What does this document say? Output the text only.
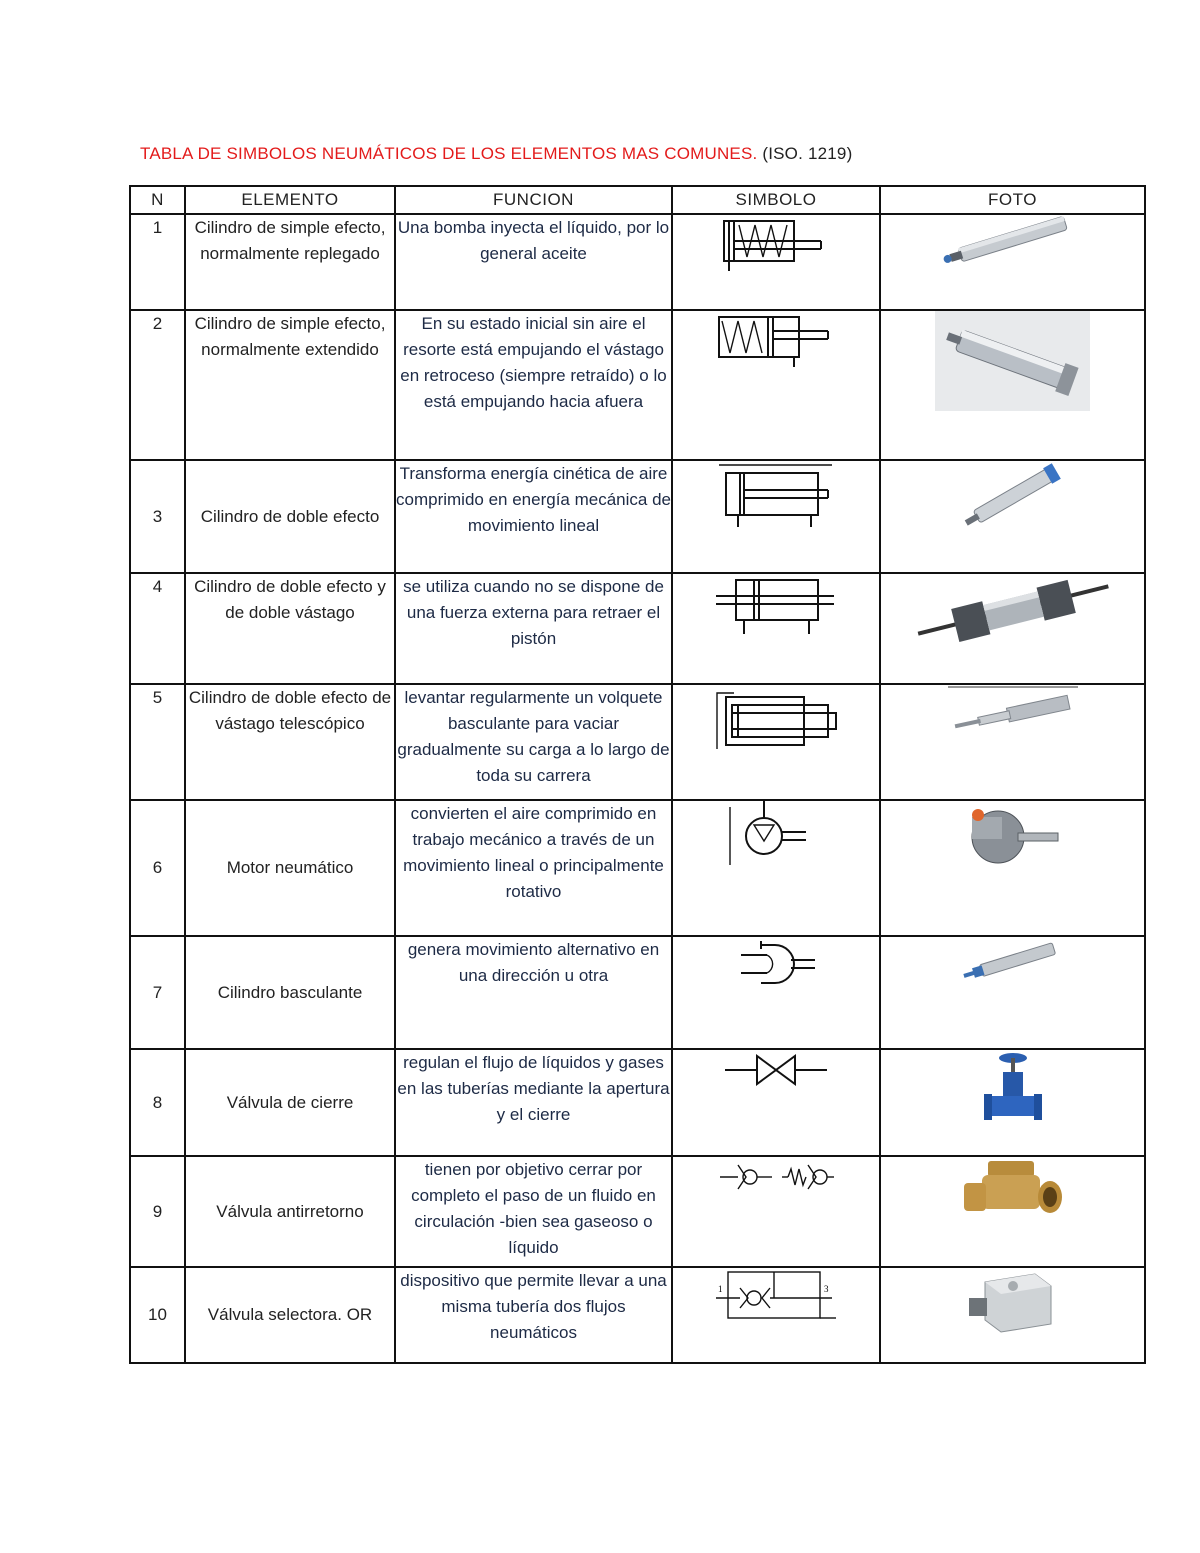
TABLA DE SIMBOLOS NEUMÁTICOS DE LOS ELEMENTOS MAS COMUNES. (ISO. 1219)
N	ELEMENTO	FUNCION	SIMBOLO	FOTO
1	Cilindro de simple efecto, normalmente replegado	Una bomba inyecta el líquido, por lo general aceite	

2	Cilindro de simple efecto, normalmente extendido	En su estado inicial sin aire el resorte está empujando el vástago en retroceso (siempre retraído) o lo está empujando hacia afuera	

3	Cilindro de doble efecto	Transforma energía cinética de aire comprimido en energía mecánica de movimiento lineal	

4	Cilindro de doble efecto y de doble vástago	se utiliza cuando no se dispone de una fuerza externa para retraer el pistón	

5	Cilindro de doble efecto de vástago telescópico	levantar regularmente un volquete basculante para vaciar gradualmente su carga a lo largo de toda su carrera	

6	Motor neumático	convierten el aire comprimido en trabajo mecánico a través de un movimiento lineal o principalmente rotativo	

7	Cilindro basculante	genera movimiento alternativo en una dirección u otra	

8	Válvula de cierre	regulan el flujo de líquidos y gases en las tuberías mediante la apertura y el cierre	

9	Válvula antirretorno	tienen por objetivo cerrar por completo el paso de un fluido en circulación -bien sea gaseoso o líquido	

10	Válvula selectora. OR	dispositivo que permite llevar a una misma tubería dos flujos neumáticos	1 3
